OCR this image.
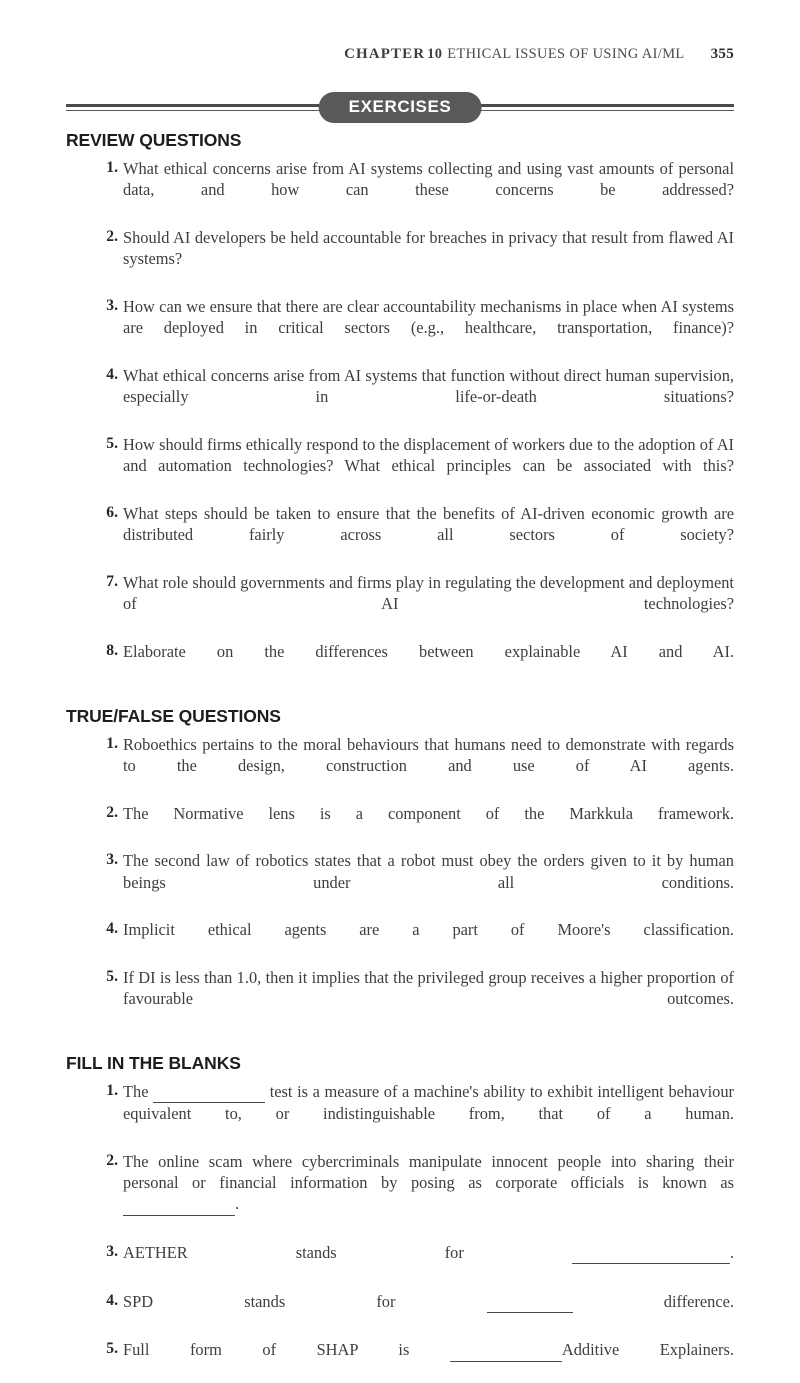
CHAPTER 10 ETHICAL ISSUES OF USING AI/ML 355
EXERCISES
REVIEW QUESTIONS
1. What ethical concerns arise from AI systems collecting and using vast amounts of personal data, and how can these concerns be addressed?
2. Should AI developers be held accountable for breaches in privacy that result from flawed AI systems?
3. How can we ensure that there are clear accountability mechanisms in place when AI systems are deployed in critical sectors (e.g., healthcare, transportation, finance)?
4. What ethical concerns arise from AI systems that function without direct human supervision, especially in life-or-death situations?
5. How should firms ethically respond to the displacement of workers due to the adoption of AI and automation technologies? What ethical principles can be associated with this?
6. What steps should be taken to ensure that the benefits of AI-driven economic growth are distributed fairly across all sectors of society?
7. What role should governments and firms play in regulating the development and deployment of AI technologies?
8. Elaborate on the differences between explainable AI and AI.
TRUE/FALSE QUESTIONS
1. Roboethics pertains to the moral behaviours that humans need to demonstrate with regards to the design, construction and use of AI agents.
2. The Normative lens is a component of the Markkula framework.
3. The second law of robotics states that a robot must obey the orders given to it by human beings under all conditions.
4. Implicit ethical agents are a part of Moore's classification.
5. If DI is less than 1.0, then it implies that the privileged group receives a higher proportion of favourable outcomes.
FILL IN THE BLANKS
1. The	test is a measure of a machine's ability to exhibit intelligent behaviour equivalent to, or indistinguishable from, that of a human.
2. The online scam where cybercriminals manipulate innocent people into sharing their personal or financial information by posing as corporate officials is known as  .
3. AETHER stands for	.
4. SPD stands for	difference.
5. Full form of SHAP is	Additive Explainers.
